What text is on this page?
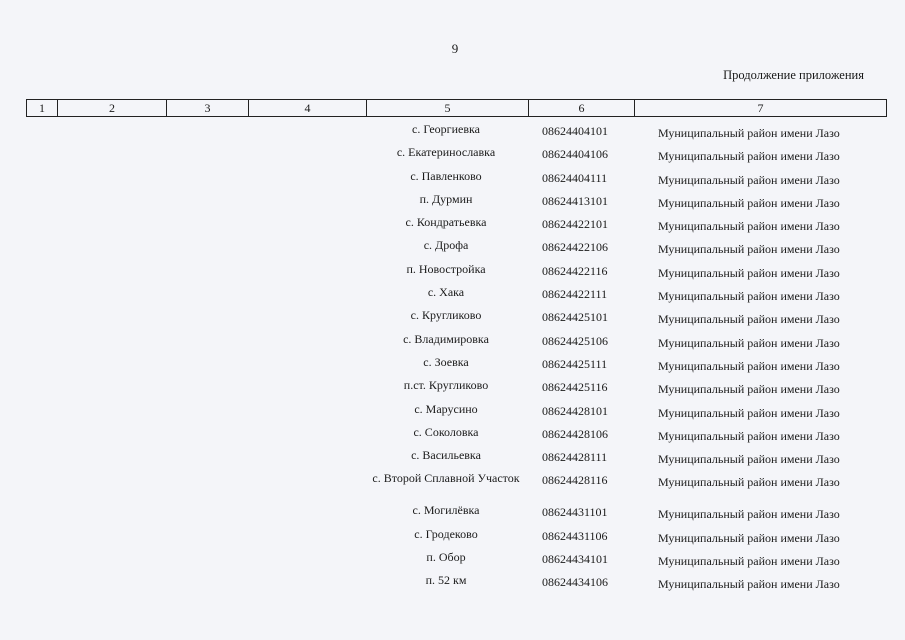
9
Продолжение приложения
1	2	3	4	5	6	7
с. Георгиевка	08624404101	Муниципальный район имени Лазо
с. Екатеринославка	08624404106	Муниципальный район имени Лазо
с. Павленково	08624404111	Муниципальный район имени Лазо
п. Дурмин	08624413101	Муниципальный район имени Лазо
с. Кондратьевка	08624422101	Муниципальный район имени Лазо
с. Дрофа	08624422106	Муниципальный район имени Лазо
п. Новостройка	08624422116	Муниципальный район имени Лазо
с. Хака	08624422111	Муниципальный район имени Лазо
с. Кругликово	08624425101	Муниципальный район имени Лазо
с. Владимировка	08624425106	Муниципальный район имени Лазо
с. Зоевка	08624425111	Муниципальный район имени Лазо
п.ст. Кругликово	08624425116	Муниципальный район имени Лазо
с. Марусино	08624428101	Муниципальный район имени Лазо
с. Соколовка	08624428106	Муниципальный район имени Лазо
с. Васильевка	08624428111	Муниципальный район имени Лазо
с. Второй Сплавной Участок	08624428116	Муниципальный район имени Лазо
с. Могилёвка	08624431101	Муниципальный район имени Лазо
с. Гродеково	08624431106	Муниципальный район имени Лазо
п. Обор	08624434101	Муниципальный район имени Лазо
п. 52 км	08624434106	Муниципальный район имени Лазо
